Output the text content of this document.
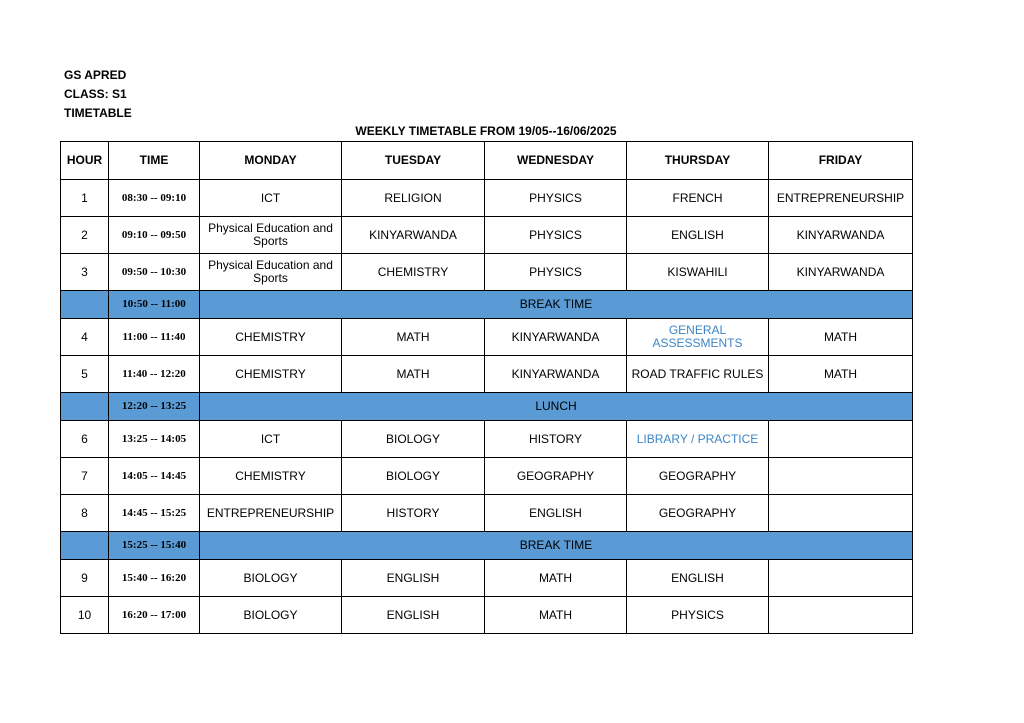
GS APRED
CLASS: S1
TIMETABLE
WEEKLY TIMETABLE FROM 19/05--16/06/2025
HOUR	TIME	MONDAY	TUESDAY	WEDNESDAY	THURSDAY	FRIDAY
1	08:30 -- 09:10	ICT	RELIGION	PHYSICS	FRENCH	ENTREPRENEURSHIP
2	09:10 -- 09:50	Physical Education and Sports	KINYARWANDA	PHYSICS	ENGLISH	KINYARWANDA
3	09:50 -- 10:30	Physical Education and Sports	CHEMISTRY	PHYSICS	KISWAHILI	KINYARWANDA
	10:50 -- 11:00	BREAK TIME				
4	11:00 -- 11:40	CHEMISTRY	MATH	KINYARWANDA	GENERAL ASSESSMENTS	MATH
5	11:40 -- 12:20	CHEMISTRY	MATH	KINYARWANDA	ROAD TRAFFIC RULES	MATH
	12:20 -- 13:25	LUNCH				
6	13:25 -- 14:05	ICT	BIOLOGY	HISTORY	LIBRARY / PRACTICE	
7	14:05 -- 14:45	CHEMISTRY	BIOLOGY	GEOGRAPHY	GEOGRAPHY	
8	14:45 -- 15:25	ENTREPRENEURSHIP	HISTORY	ENGLISH	GEOGRAPHY	
	15:25 -- 15:40	BREAK TIME				
9	15:40 -- 16:20	BIOLOGY	ENGLISH	MATH	ENGLISH	
10	16:20 -- 17:00	BIOLOGY	ENGLISH	MATH	PHYSICS	
